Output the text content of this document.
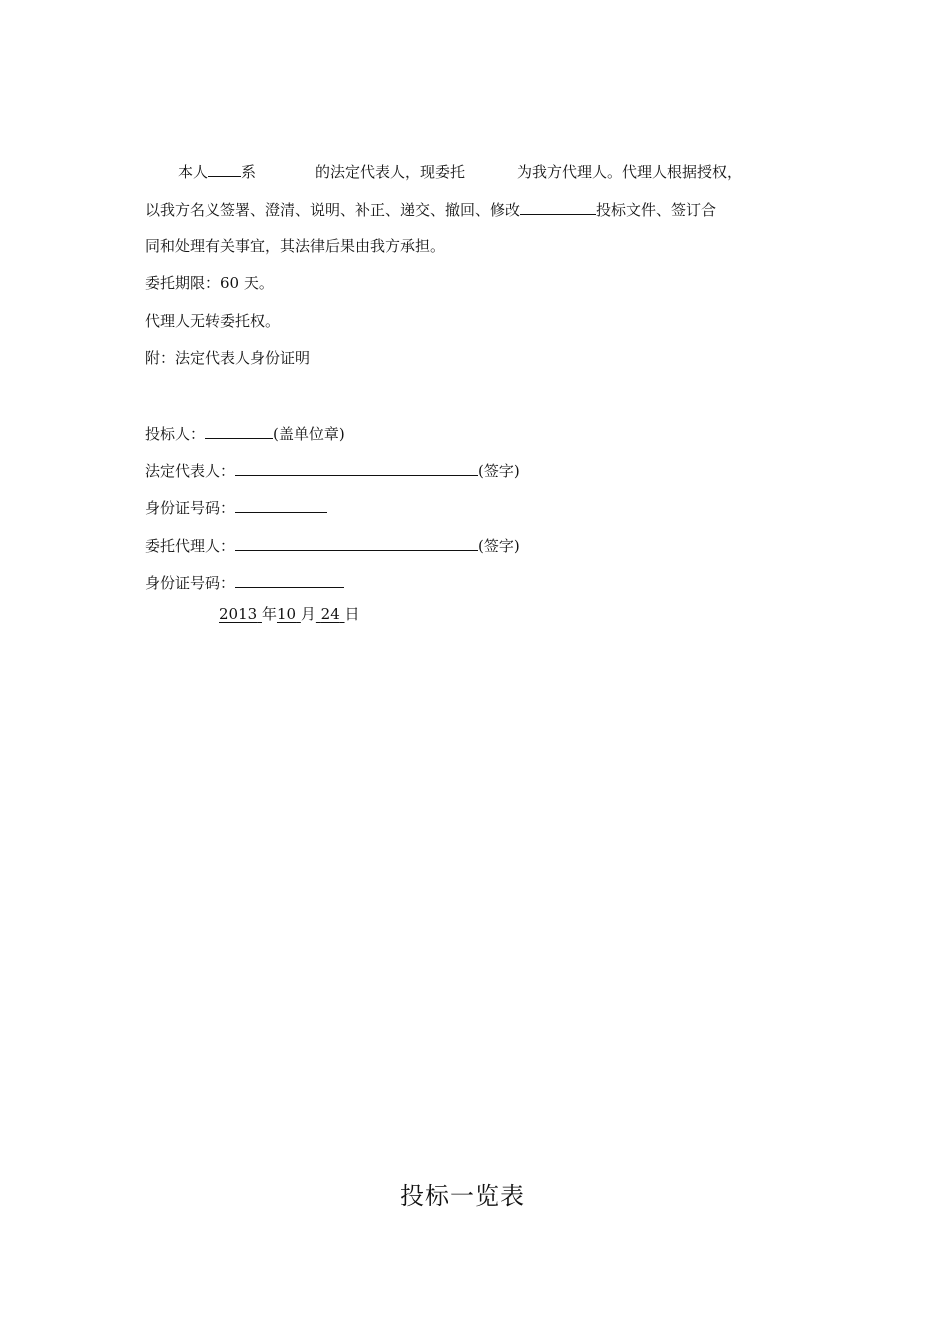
本人 系	的法定代表人，现委托	为我方代理人。代理人根据授权，
以我方名义签署、澄清、说明、补正、递交、撤回、修改	投标文件、签订合
同和处理有关事宜，其法律后果由我方承担。
委托期限：60 天。
代理人无转委托权。
附：法定代表人身份证明
投标人：	(盖单位章)
法定代表人：	(签字)
身份证号码：
委托代理人：	(签字)
身份证号码：
2013 年10 月 24 日
投标一览表
